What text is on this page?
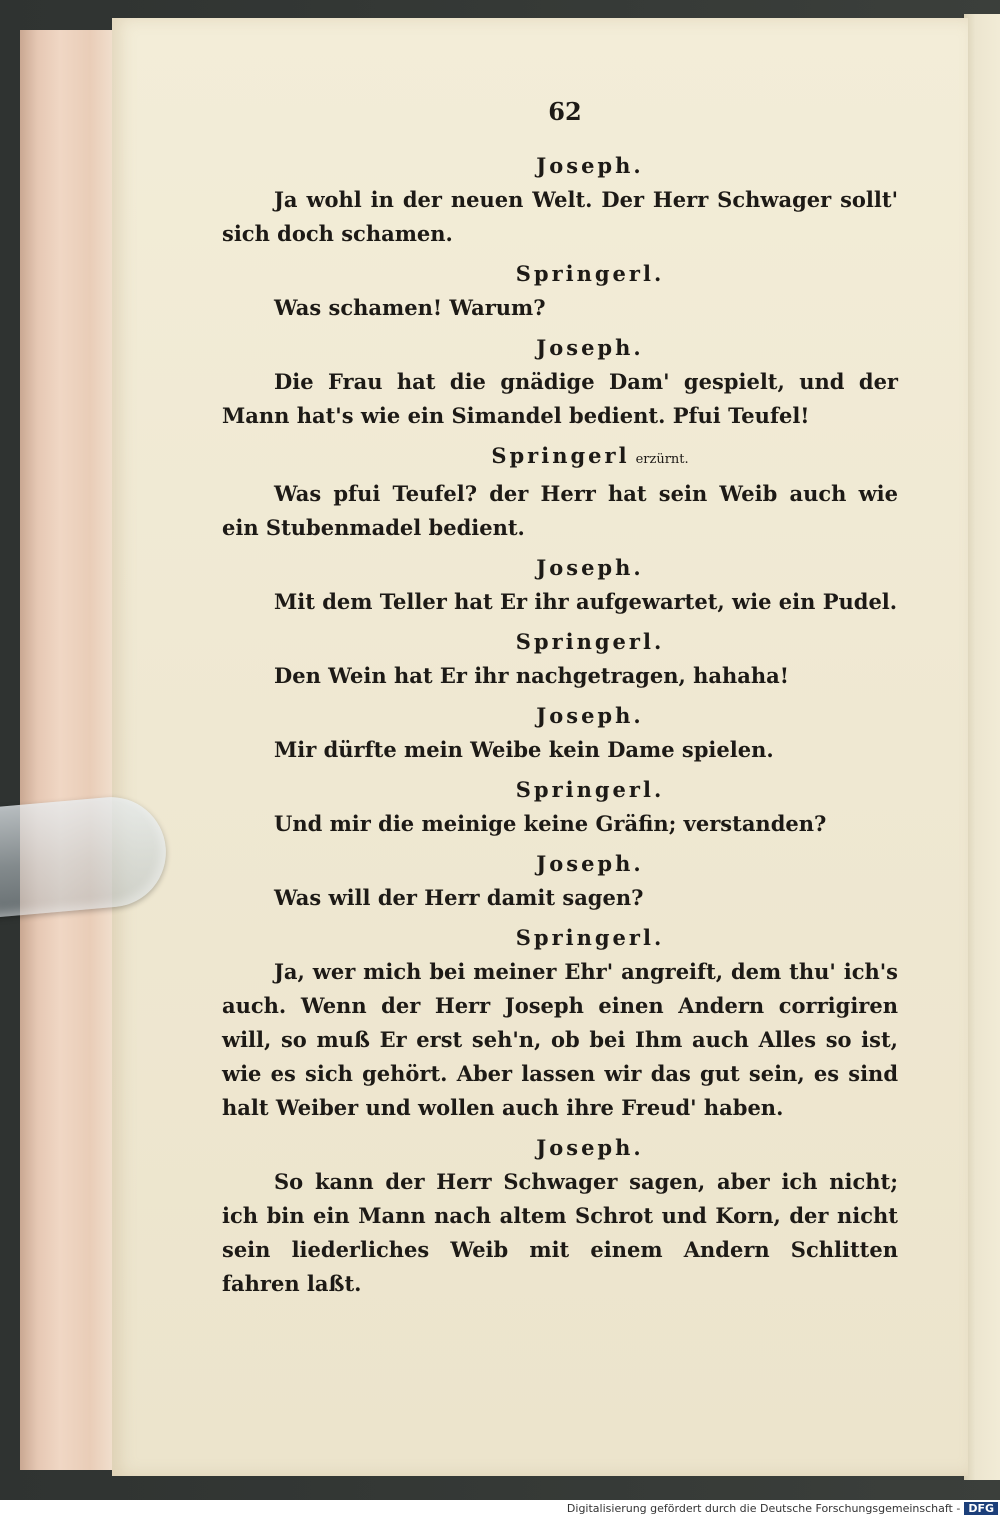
62
Joseph.

Ja wohl in der neuen Welt. Der Herr Schwager sollt' sich doch schamen.

Springerl.

Was schamen! Warum?

Joseph.

Die Frau hat die gnädige Dam' gespielt, und der Mann hat's wie ein Simandel bedient. Pfui Teufel!

Springerl erzürnt.

Was pfui Teufel? der Herr hat sein Weib auch wie ein Stubenmadel bedient.

Joseph.

Mit dem Teller hat Er ihr aufgewartet, wie ein Pudel.

Springerl.

Den Wein hat Er ihr nachgetragen, hahaha!

Joseph.

Mir dürfte mein Weibe kein Dame spielen.

Springerl.

Und mir die meinige keine Gräfin; verstanden?

Joseph.

Was will der Herr damit sagen?

Springerl.

Ja, wer mich bei meiner Ehr' angreift, dem thu' ich's auch. Wenn der Herr Joseph einen Andern corrigiren will, so muß Er erst seh'n, ob bei Ihm auch Alles so ist, wie es sich gehört. Aber lassen wir das gut sein, es sind halt Weiber und wollen auch ihre Freud' haben.

Joseph.

So kann der Herr Schwager sagen, aber ich nicht; ich bin ein Mann nach altem Schrot und Korn, der nicht sein liederliches Weib mit einem Andern Schlitten fahren laßt.

Digitalisierung gefördert durch die Deutsche Forschungsgemeinschaft - DFG
